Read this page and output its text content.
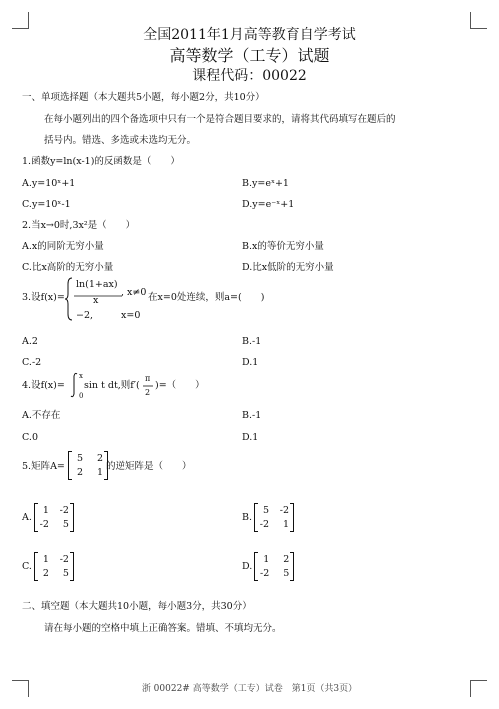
全国2011年1月高等教育自学考试
高等数学（工专）试题
课程代码：00022
一、单项选择题（本大题共5小题，每小题2分，共10分）
在每小题列出的四个备选项中只有一个是符合题目要求的，请将其代码填写在题后的
括号内。错选、多选或未选均无分。
1.函数y=ln(x-1)的反函数是（　　）
A.y=10ˣ+1	B.y=eˣ+1
C.y=10ˣ-1	D.y=e⁻ˣ+1
2.当x→0时,3x²是（　　）
A.x的同阶无穷小量	B.x的等价无穷小量
C.比x高阶的无穷小量	D.比x低阶的无穷小量
3.设f(x)=
ln(1+ax)
x
, x≠0
−2,	x=0
在x=0处连续，则a=(　　)
A.2	B.-1
C.-2	D.1
4.设f(x)=
x
0
sin t dt,则f′(
π
2
)=（　　）
A.不存在	B.-1
C.0	D.1
5.矩阵A=
5	2
2	1
的逆矩阵是（　　）
A.
1 -2
-2	5
B.
5 -2
-2	1
C.
1 -2
2	5
D.
1	2
-2	5
二、填空题（本大题共10小题，每小题3分，共30分）
请在每小题的空格中填上正确答案。错填、不填均无分。
浙 00022# 高等数学（工专）试卷　第1页（共3页）
